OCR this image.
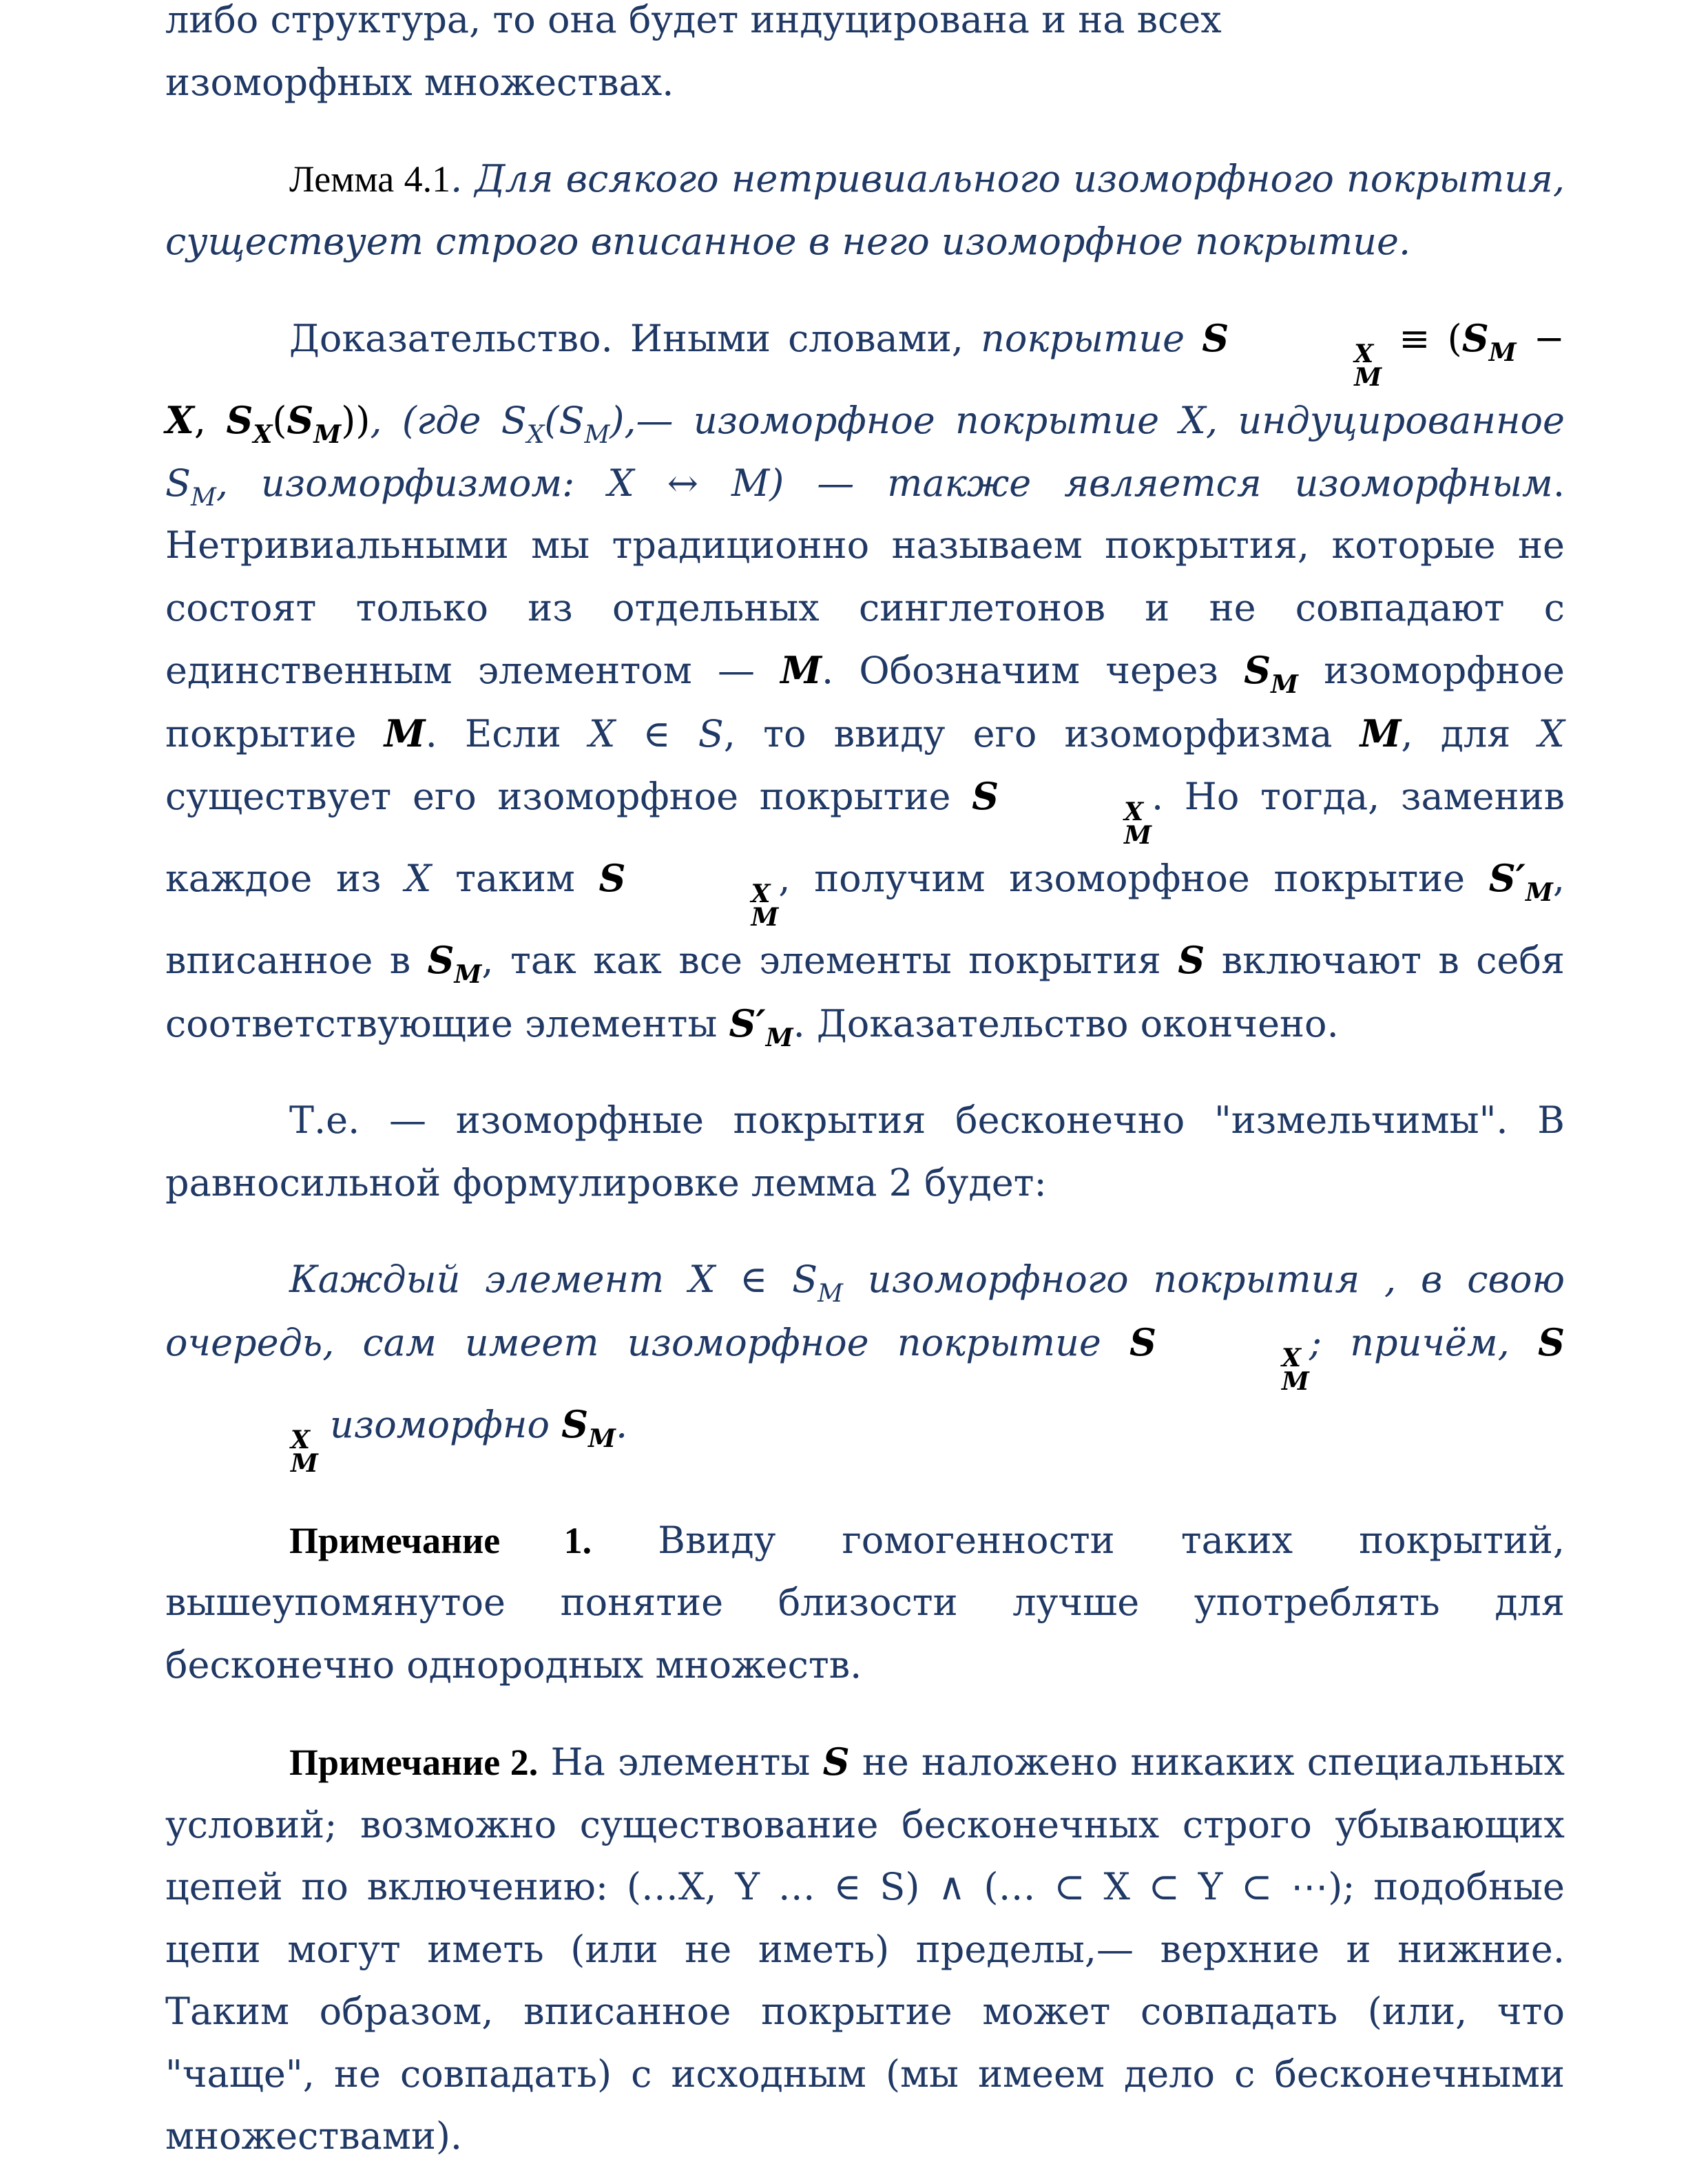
либо структура, то она будет индуцирована и на всех
изоморфных множествах.

Лемма 4.1. Для всякого нетривиального изоморфного покрытия, существует строго вписанное в него изоморфное покрытие.

Доказательство. Иными словами, покрытие S	X
M
≡ ($S_M - X$, $S_X(S_M)$), (где $S_X(S_M),—$ изоморфное покрытие X, индуцированное $S_M$, изоморфизмом: X ↔ M) — также является изоморфным. Нетривиальными мы традиционно называем покрытия, которые не состоят только из отдельных синглетонов и не совпадают с единственным элементом — M. Обозначим через $S_M$ изоморфное покрытие M. Если X ∈ S, то ввиду его изоморфизма M, для X существует его изоморфное покрытие S	X
M
. Но тогда, заменив каждое из X таким S	X
M
, получим изоморфное покрытие $S'_M$, вписанное в $S_M$, так как все элементы покрытия S включают в себя соответствующие элементы $S'_M$. Доказательство окончено.

Т.е. — изоморфные покрытия бесконечно "измельчимы". В равносильной формулировке лемма 2 будет:

Каждый элемент X ∈ $S_M$ изоморфного покрытия , в свою очередь, сам имеет изоморфное покрытие S	X
M
; причём, S
X
M
изоморфно $S_M$.

Примечание 1. Ввиду гомогенности таких покрытий, вышеупомянутое понятие близости лучше употреблять для бесконечно однородных множеств.

Примечание 2. На элементы S не наложено никаких специальных условий; возможно существование бесконечных строго убывающих цепей по включению: (…X, Y … ∈ S) ∧ (… ⊂ X ⊂ Y ⊂ ⋯); подобные цепи могут иметь (или не иметь) пределы,— верхние и нижние. Таким образом, вписанное покрытие может совпадать (или, что "чаще", не совпадать) с исходным (мы имеем дело с бесконечными множествами).
